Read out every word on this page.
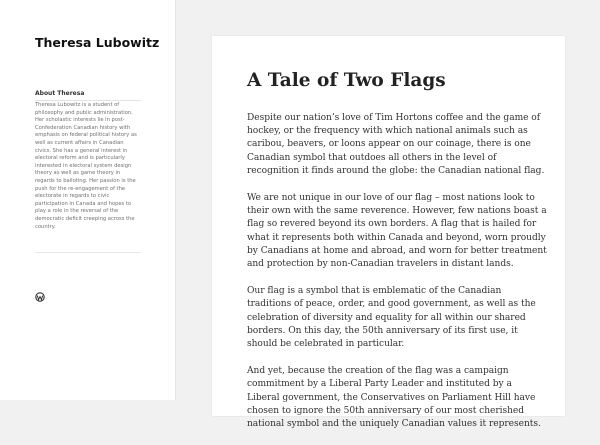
Theresa Lubowitz
About Theresa

Theresa Lubowitz is a student of philosophy and public administration. Her scholastic interests lie in post-Confederation Canadian history with emphasis on federal political history as well as current affairs in Canadian civics. She has a general interest in electoral reform and is particularly interested in electoral system design theory as well as game theory in regards to balloting. Her passion is the push for the re-engagement of the electorate in regards to civic participation in Canada and hopes to play a role in the reversal of the democratic deficit creeping across the country.

A Tale of Two Flags

Despite our nation’s love of Tim Hortons coffee and the game of hockey, or the frequency with which national animals such as caribou, beavers, or loons appear on our coinage, there is one Canadian symbol that outdoes all others in the level of recognition it finds around the globe: the Canadian national flag.

We are not unique in our love of our flag – most nations look to their own with the same reverence. However, few nations boast a flag so revered beyond its own borders. A flag that is hailed for what it represents both within Canada and beyond, worn proudly by Canadians at home and abroad, and worn for better treatment and protection by non-Canadian travelers in distant lands.

Our flag is a symbol that is emblematic of the Canadian traditions of peace, order, and good government, as well as the celebration of diversity and equality for all within our shared borders. On this day, the 50th anniversary of its first use, it should be celebrated in particular.

And yet, because the creation of the flag was a campaign commitment by a Liberal Party Leader and instituted by a Liberal government, the Conservatives on Parliament Hill have chosen to ignore the 50th anniversary of our most cherished national symbol and the uniquely Canadian values it represents.
